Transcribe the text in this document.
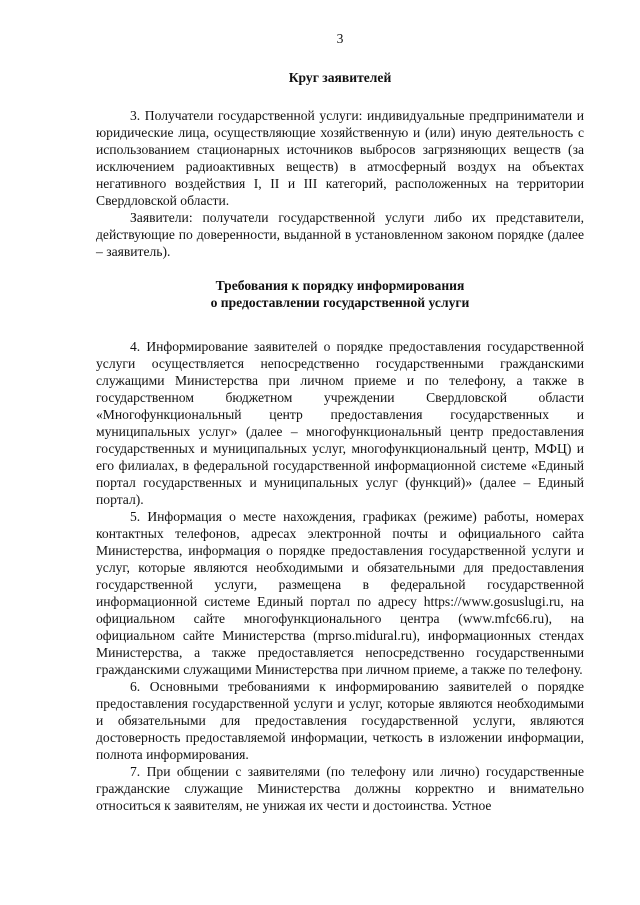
3
Круг заявителей

3. Получатели государственной услуги: индивидуальные предприниматели и юридические лица, осуществляющие хозяйственную и (или) иную деятельность с использованием стационарных источников выбросов загрязняющих веществ (за исключением радиоактивных веществ) в атмосферный воздух на объектах негативного воздействия I, II и III категорий, расположенных на территории Свердловской области.

Заявители: получатели государственной услуги либо их представители, действующие по доверенности, выданной в установленном законом порядке (далее – заявитель).

Требования к порядку информирования
о предоставлении государственной услуги

4. Информирование заявителей о порядке предоставления государственной услуги осуществляется непосредственно государственными гражданскими служащими Министерства при личном приеме и по телефону, а также в государственном бюджетном учреждении Свердловской области «Многофункциональный центр предоставления государственных и муниципальных услуг» (далее – многофункциональный центр предоставления государственных и муниципальных услуг, многофункциональный центр, МФЦ) и его филиалах, в федеральной государственной информационной системе «Единый портал государственных и муниципальных услуг (функций)» (далее – Единый портал).

5. Информация о месте нахождения, графиках (режиме) работы, номерах контактных телефонов, адресах электронной почты и официального сайта Министерства, информация о порядке предоставления государственной услуги и услуг, которые являются необходимыми и обязательными для предоставления государственной услуги, размещена в федеральной государственной информационной системе Единый портал по адресу https://www.gosuslugi.ru, на официальном сайте многофункционального центра (www.mfc66.ru), на официальном сайте Министерства (mprso.midural.ru), информационных стендах Министерства, а также предоставляется непосредственно государственными гражданскими служащими Министерства при личном приеме, а также по телефону.

6. Основными требованиями к информированию заявителей о порядке предоставления государственной услуги и услуг, которые являются необходимыми и обязательными для предоставления государственной услуги, являются достоверность предоставляемой информации, четкость в изложении информации, полнота информирования.

7. При общении с заявителями (по телефону или лично) государственные гражданские служащие Министерства должны корректно и внимательно относиться к заявителям, не унижая их чести и достоинства. Устное
